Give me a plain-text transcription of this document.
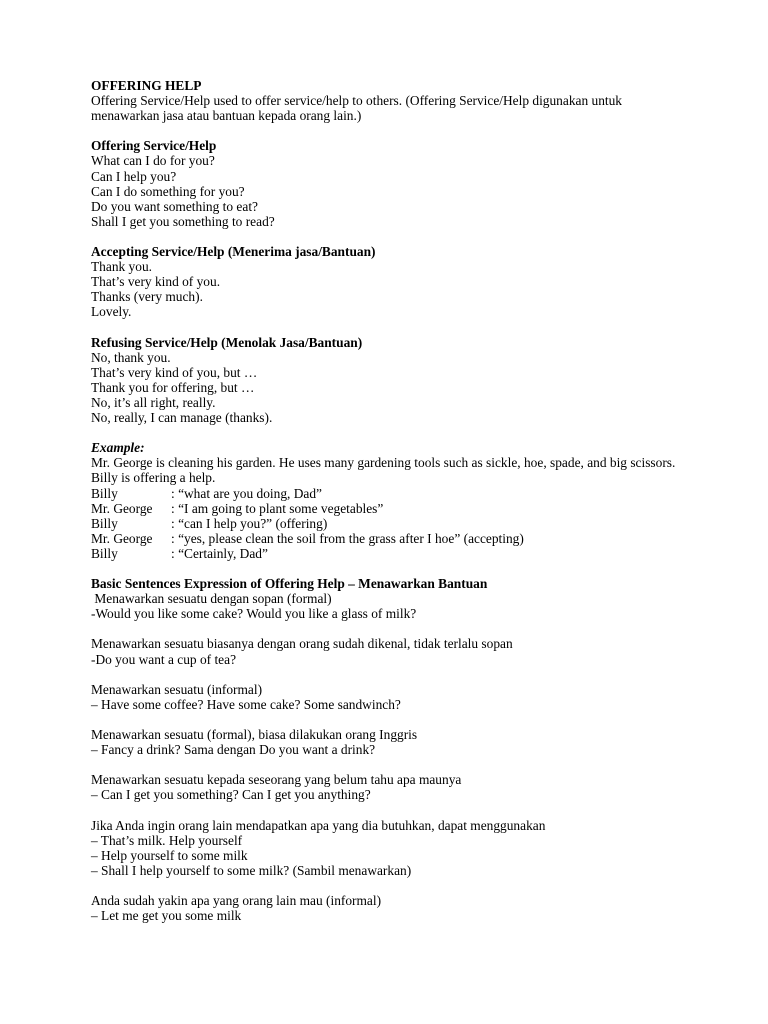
OFFERING HELP
Offering Service/Help used to offer service/help to others. (Offering Service/Help digunakan untuk menawarkan jasa atau bantuan kepada orang lain.)
Offering Service/Help
What can I do for you?
Can I help you?
Can I do something for you?
Do you want something to eat?
Shall I get you something to read?
Accepting Service/Help (Menerima jasa/Bantuan)
Thank you.
That’s very kind of you.
Thanks (very much).
Lovely.
Refusing Service/Help (Menolak Jasa/Bantuan)
No, thank you.
That’s very kind of you, but …
Thank you for offering, but …
No, it’s all right, really.
No, really, I can manage (thanks).
Example:
Mr. George is cleaning his garden. He uses many gardening tools such as sickle, hoe, spade, and big scissors. Billy is offering a help.
Billy	: “what are you doing, Dad”
Mr. George	: “I am going to plant some vegetables”
Billy	: “can I help you?” (offering)
Mr. George	: “yes, please clean the soil from the grass after I hoe” (accepting)
Billy	: “Certainly, Dad”
Basic Sentences Expression of Offering Help – Menawarkan Bantuan
Menawarkan sesuatu dengan sopan (formal)
-Would you like some cake? Would you like a glass of milk?
Menawarkan sesuatu biasanya dengan orang sudah dikenal, tidak terlalu sopan
-Do you want a cup of tea?
Menawarkan sesuatu (informal)
– Have some coffee? Have some cake? Some sandwinch?
Menawarkan sesuatu (formal), biasa dilakukan orang Inggris
– Fancy a drink? Sama dengan Do you want a drink?
Menawarkan sesuatu kepada seseorang yang belum tahu apa maunya
– Can I get you something? Can I get you anything?
Jika Anda ingin orang lain mendapatkan apa yang dia butuhkan, dapat menggunakan
– That’s milk. Help yourself
– Help yourself to some milk
– Shall I help yourself to some milk? (Sambil menawarkan)
Anda sudah yakin apa yang orang lain mau (informal)
– Let me get you some milk
